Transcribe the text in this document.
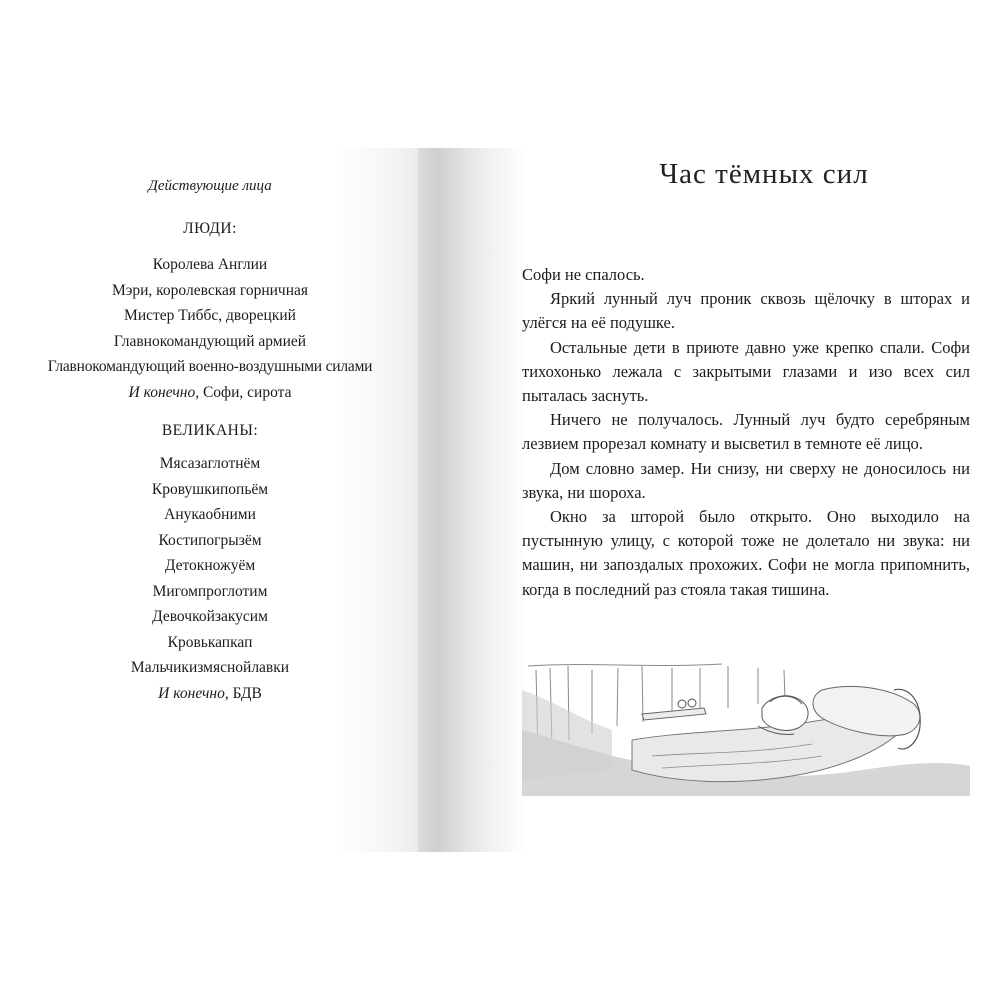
Действующие лица
ЛЮДИ:
Королева Англии
Мэри, королевская горничная
Мистер Тиббс, дворецкий
Главнокомандующий армией
Главнокомандующий военно-воздушными силами
И конечно, Софи, сирота
ВЕЛИКАНЫ:
Мясазаглотнём
Кровушкипопьём
Анукаобними
Костипогрызём
Детокножуём
Мигомпроглотим
Девочкойзакусим
Кровькапкап
Мальчикизмяснойлавки
И конечно, БДВ
Час тёмных сил

Софи не спалось.

Яркий лунный луч проник сквозь щёлочку в шторах и улёгся на её подушке.

Остальные дети в приюте давно уже крепко спали. Софи тихохонько лежала с закрытыми глазами и изо всех сил пыталась заснуть.

Ничего не получалось. Лунный луч будто серебряным лезвием прорезал комнату и высветил в темноте её лицо.

Дом словно замер. Ни снизу, ни сверху не доносилось ни звука, ни шороха.

Окно за шторой было открыто. Оно выходило на пустынную улицу, с которой тоже не долетало ни звука: ни машин, ни запоздалых прохожих. Софи не могла припомнить, когда в последний раз стояла такая тишина.
